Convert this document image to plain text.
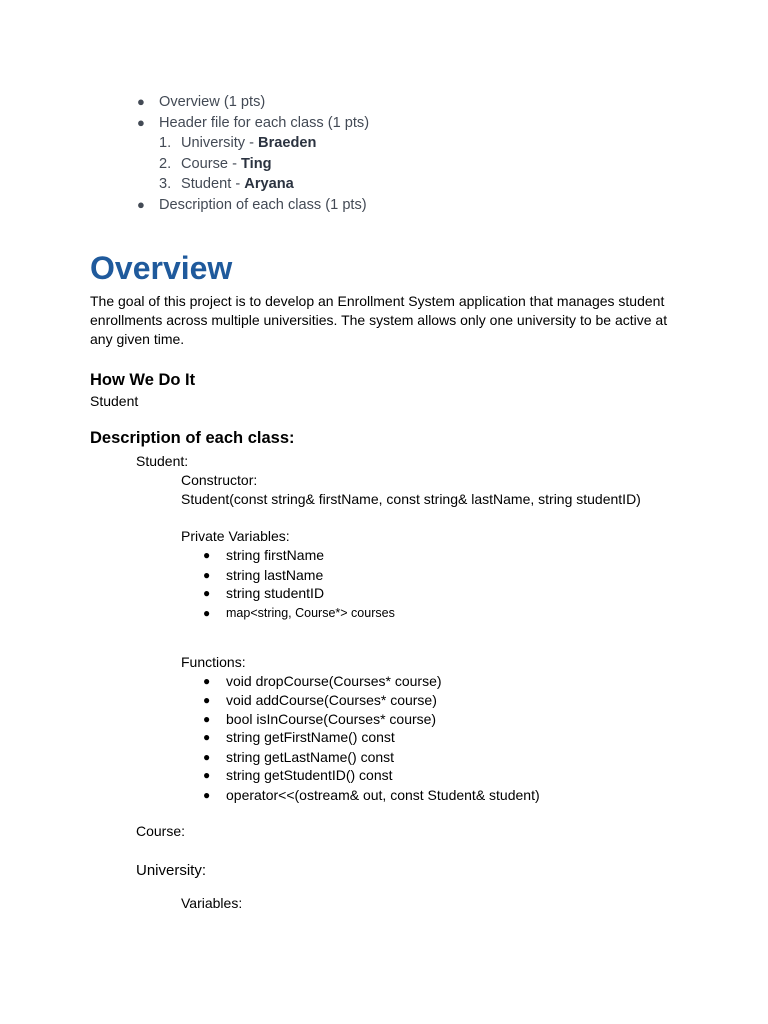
● Overview (1 pts)
● Header file for each class (1 pts)
1. University - Braeden
2. Course - Ting
3. Student - Aryana
● Description of each class (1 pts)
Overview

The goal of this project is to develop an Enrollment System application that manages student enrollments across multiple universities. The system allows only one university to be active at any given time.

How We Do It

Student

Description of each class:

Student:

Constructor:

Student(const string& firstName, const string& lastName, string studentID)

Private Variables:

● string firstName
● string lastName
● string studentID
● map<string, Course*> courses

Functions:

● void dropCourse(Courses* course)
● void addCourse(Courses* course)
● bool isInCourse(Courses* course)
● string getFirstName() const
● string getLastName() const
● string getStudentID() const
● operator<<(ostream& out, const Student& student)

Course:

University:

Variables:
